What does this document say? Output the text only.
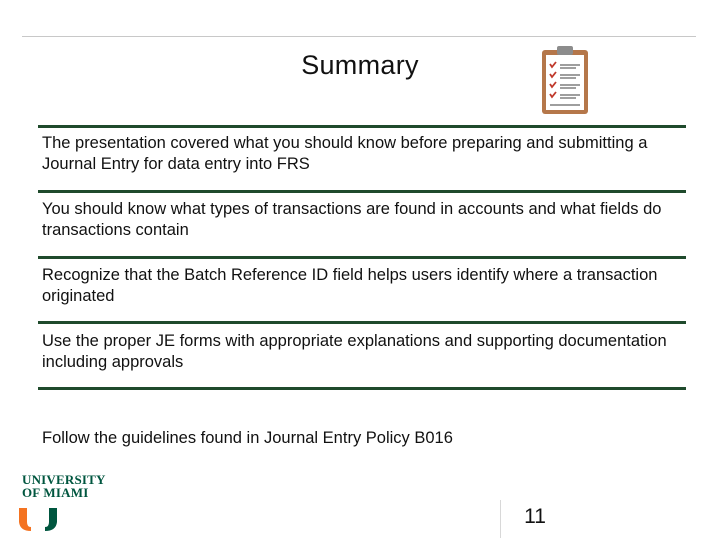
Summary
The presentation covered what you should know before preparing and submitting a Journal Entry for data entry into FRS
You should know what types of transactions are found in accounts and what fields do transactions contain
Recognize that the Batch Reference ID field helps users identify where a transaction originated
Use the proper JE forms with appropriate explanations and supporting documentation including approvals
Follow the guidelines found in Journal Entry Policy B016
UNIVERSITY
OF MIAMI
11
